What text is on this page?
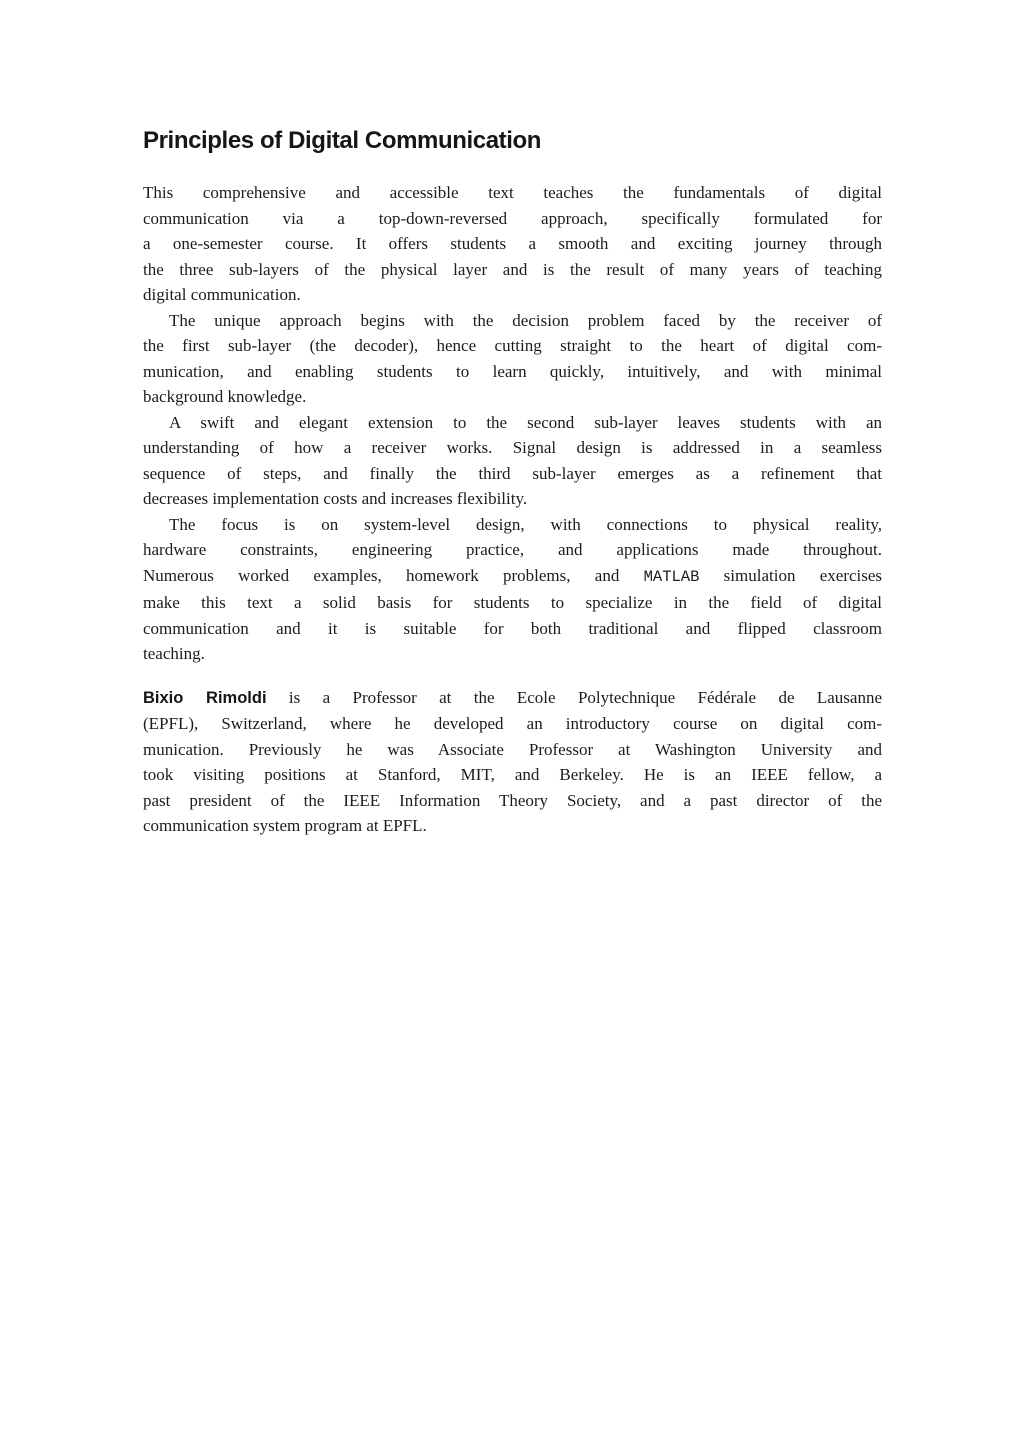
Principles of Digital Communication
This comprehensive and accessible text teaches the fundamentals of digital
communication via a top-down-reversed approach, specifically formulated for
a one-semester course. It offers students a smooth and exciting journey through
the three sub-layers of the physical layer and is the result of many years of teaching
digital communication.
The unique approach begins with the decision problem faced by the receiver of
the first sub-layer (the decoder), hence cutting straight to the heart of digital com-
munication, and enabling students to learn quickly, intuitively, and with minimal
background knowledge.
A swift and elegant extension to the second sub-layer leaves students with an
understanding of how a receiver works. Signal design is addressed in a seamless
sequence of steps, and finally the third sub-layer emerges as a refinement that
decreases implementation costs and increases flexibility.
The focus is on system-level design, with connections to physical reality,
hardware constraints, engineering practice, and applications made throughout.
Numerous worked examples, homework problems, and MATLAB simulation exercises
make this text a solid basis for students to specialize in the field of digital
communication and it is suitable for both traditional and flipped classroom
teaching.
Bixio Rimoldi is a Professor at the Ecole Polytechnique Fédérale de Lausanne
(EPFL), Switzerland, where he developed an introductory course on digital com-
munication. Previously he was Associate Professor at Washington University and
took visiting positions at Stanford, MIT, and Berkeley. He is an IEEE fellow, a
past president of the IEEE Information Theory Society, and a past director of the
communication system program at EPFL.
